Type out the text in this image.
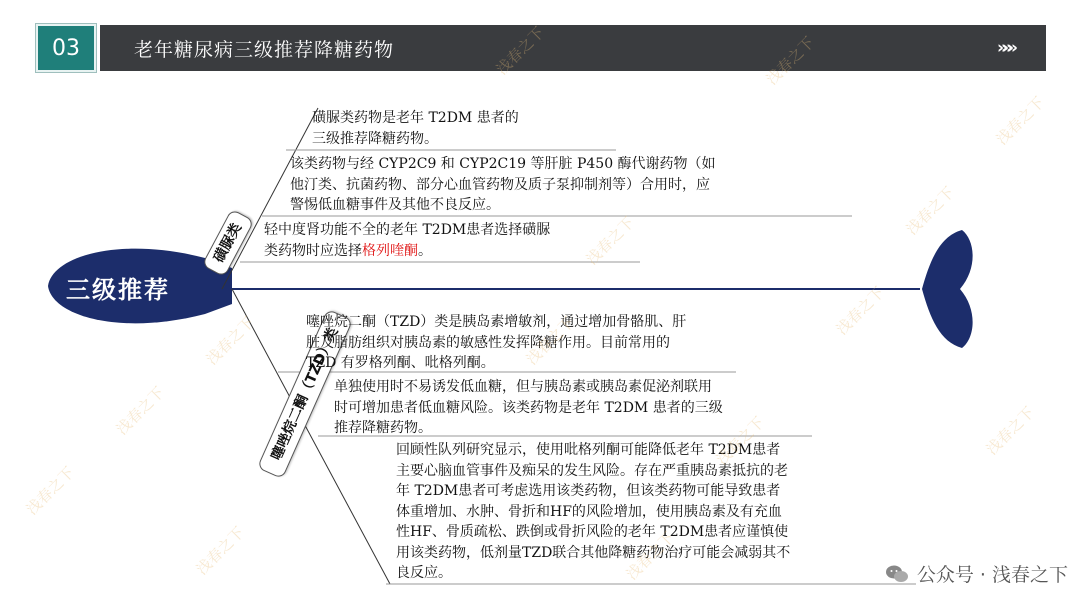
03	老年糖尿病三级推荐降糖药物	»»»
三级推荐
磺脲类
噻唑烷二酮（TZD）类
磺脲类药物是老年 T2DM 患者的
三级推荐降糖药物。
该类药物与经 CYP2C9 和 CYP2C19 等肝脏 P450 酶代谢药物（如
他汀类、抗菌药物、部分心血管药物及质子泵抑制剂等）合用时，应
警惕低血糖事件及其他不良反应。
轻中度肾功能不全的老年 T2DM患者选择磺脲
类药物时应选择格列喹酮。
噻唑烷二酮（TZD）类是胰岛素增敏剂，通过增加骨骼肌、肝
脏及脂肪组织对胰岛素的敏感性发挥降糖作用。目前常用的
TZD 有罗格列酮、吡格列酮。
单独使用时不易诱发低血糖，但与胰岛素或胰岛素促泌剂联用
时可增加患者低血糖风险。该类药物是老年 T2DM 患者的三级
推荐降糖药物。
回顾性队列研究显示，使用吡格列酮可能降低老年 T2DM患者
主要心脑血管事件及痴呆的发生风险。存在严重胰岛素抵抗的老
年 T2DM患者可考虑选用该类药物，但该类药物可能导致患者
体重增加、水肿、骨折和HF的风险增加，使用胰岛素及有充血
性HF、骨质疏松、跌倒或骨折风险的老年 T2DM患者应谨慎使
用该类药物，低剂量TZD联合其他降糖药物治疗可能会减弱其不
良反应。
浅春之下	浅春之下
浅春之下
浅春之下
浅春之下
浅春之下	浅春之下
浅春之下
浅春之下
浅春之下
浅春之下	浅春之下
浅春之下	浅春之下	公众号 · 浅春之下
